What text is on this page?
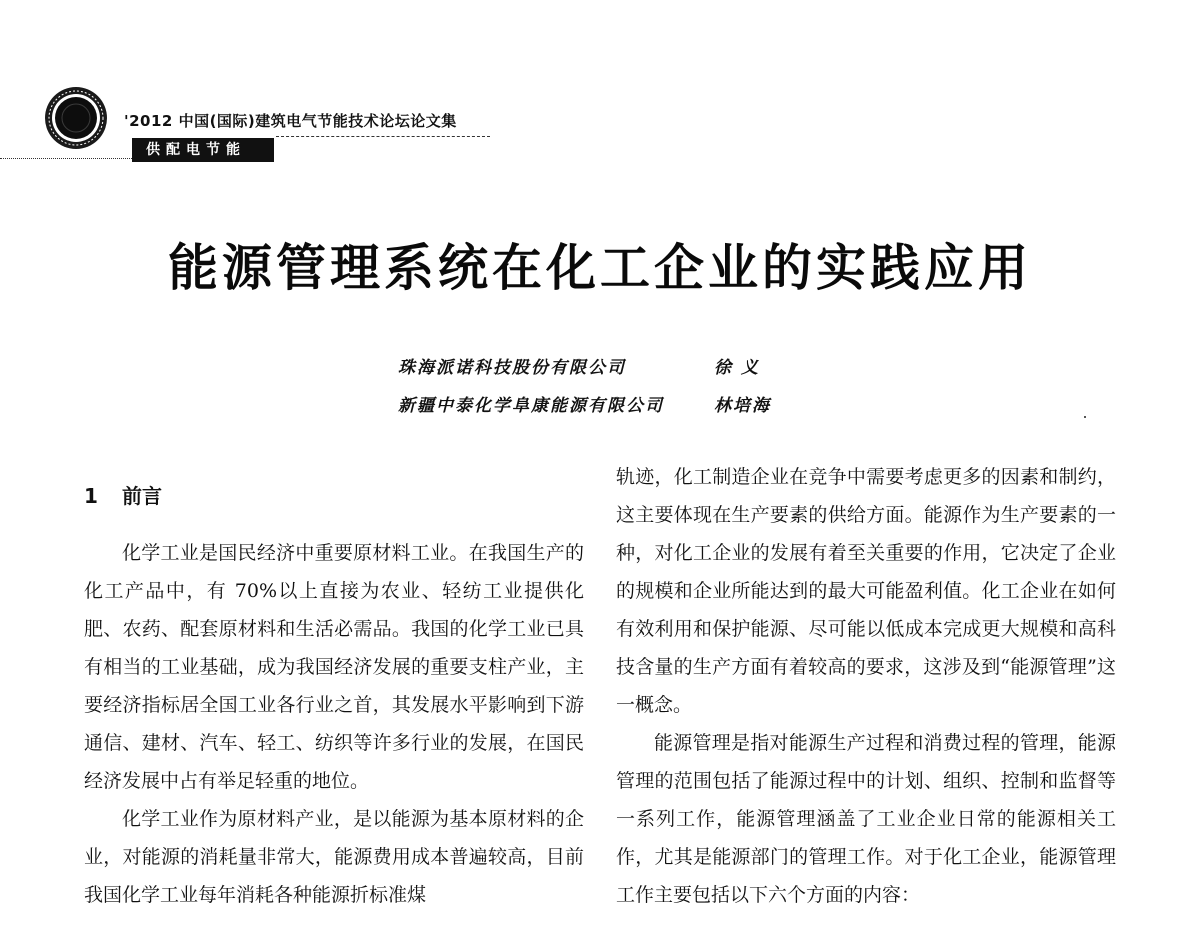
'2012 中国(国际)建筑电气节能技术论坛论文集
供配电节能
能源管理系统在化工企业的实践应用
珠海派诺科技股份有限公司	徐 义
新疆中泰化学阜康能源有限公司	林培海
1 前言

化学工业是国民经济中重要原材料工业。在我国生产的化工产品中，有 70%以上直接为农业、轻纺工业提供化肥、农药、配套原材料和生活必需品。我国的化学工业已具有相当的工业基础，成为我国经济发展的重要支柱产业，主要经济指标居全国工业各行业之首，其发展水平影响到下游通信、建材、汽车、轻工、纺织等许多行业的发展，在国民经济发展中占有举足轻重的地位。

化学工业作为原材料产业，是以能源为基本原材料的企业，对能源的消耗量非常大，能源费用成本普遍较高，目前我国化学工业每年消耗各种能源折标准煤

轨迹，化工制造企业在竞争中需要考虑更多的因素和制约，这主要体现在生产要素的供给方面。能源作为生产要素的一种，对化工企业的发展有着至关重要的作用，它决定了企业的规模和企业所能达到的最大可能盈利值。化工企业在如何有效利用和保护能源、尽可能以低成本完成更大规模和高科技含量的生产方面有着较高的要求，这涉及到“能源管理”这一概念。

能源管理是指对能源生产过程和消费过程的管理，能源管理的范围包括了能源过程中的计划、组织、控制和监督等一系列工作，能源管理涵盖了工业企业日常的能源相关工作，尤其是能源部门的管理工作。对于化工企业，能源管理工作主要包括以下六个方面的内容：
